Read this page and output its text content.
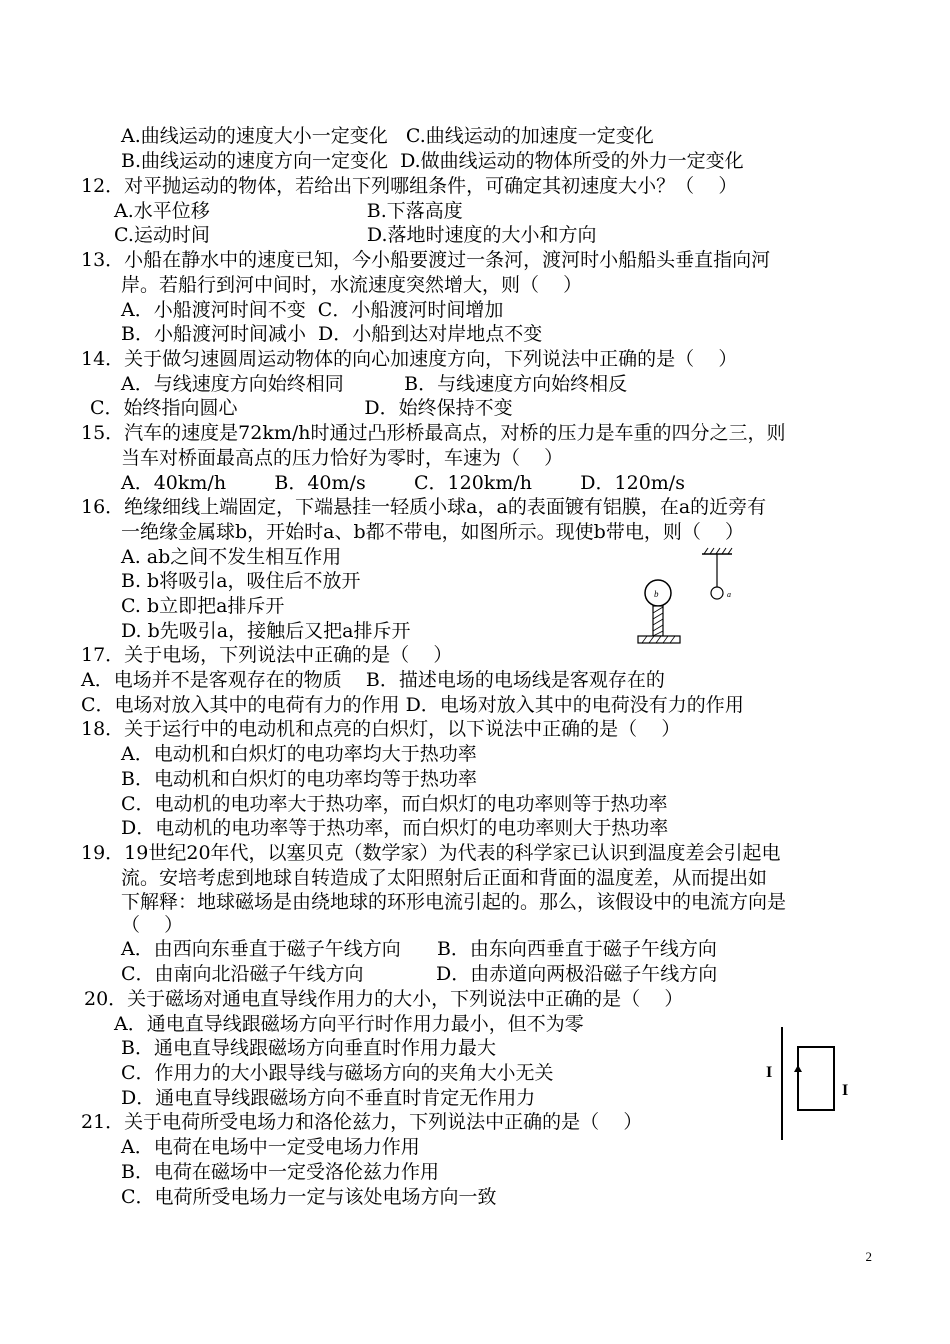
A.曲线运动的速度大小一定变化   C.曲线运动的加速度一定变化
B.曲线运动的速度方向一定变化  D.做曲线运动的物体所受的外力一定变化
12．对平抛运动的物体，若给出下列哪组条件，可确定其初速度大小？（    ）
A.水平位移                          B.下落高度
C.运动时间                          D.落地时速度的大小和方向
13．小船在静水中的速度已知，今小船要渡过一条河，渡河时小船船头垂直指向河
岸。若船行到河中间时，水流速度突然增大，则（    ）
A．小船渡河时间不变  C．小船渡河时间增加
B．小船渡河时间减小  D．小船到达对岸地点不变
14．关于做匀速圆周运动物体的向心加速度方向，下列说法中正确的是（    ）
A．与线速度方向始终相同          B．与线速度方向始终相反
C．始终指向圆心                     D．始终保持不变
15．汽车的速度是72km/h时通过凸形桥最高点，对桥的压力是车重的四分之三，则
当车对桥面最高点的压力恰好为零时，车速为（    ）
A．40km/h        B．40m/s        C．120km/h        D．120m/s
16．绝缘细线上端固定，下端悬挂一轻质小球a，a的表面镀有铝膜，在a的近旁有
一绝缘金属球b，开始时a、b都不带电，如图所示。现使b带电，则（    ）
A. ab之间不发生相互作用
B. b将吸引a，吸住后不放开
C. b立即把a排斥开
D. b先吸引a，接触后又把a排斥开
17．关于电场，下列说法中正确的是（    ）
A．电场并不是客观存在的物质    B．描述电场的电场线是客观存在的
C．电场对放入其中的电荷有力的作用 D．电场对放入其中的电荷没有力的作用
18．关于运行中的电动机和点亮的白炽灯，以下说法中正确的是（    ）
A．电动机和白炽灯的电功率均大于热功率
B．电动机和白炽灯的电功率均等于热功率
C．电动机的电功率大于热功率，而白炽灯的电功率则等于热功率
D．电动机的电功率等于热功率，而白炽灯的电功率则大于热功率
19．19世纪20年代，以塞贝克（数学家）为代表的科学家已认识到温度差会引起电
流。安培考虑到地球自转造成了太阳照射后正面和背面的温度差，从而提出如
下解释：地球磁场是由绕地球的环形电流引起的。那么，该假设中的电流方向是
（    ）
A．由西向东垂直于磁子午线方向      B．由东向西垂直于磁子午线方向
C．由南向北沿磁子午线方向            D．由赤道向两极沿磁子午线方向
20．关于磁场对通电直导线作用力的大小，下列说法中正确的是（    ）
A．通电直导线跟磁场方向平行时作用力最小，但不为零
B．通电直导线跟磁场方向垂直时作用力最大
C．作用力的大小跟导线与磁场方向的夹角大小无关
D．通电直导线跟磁场方向不垂直时肯定无作用力
21．关于电荷所受电场力和洛伦兹力，下列说法中正确的是（    ）
A．电荷在电场中一定受电场力作用
B．电荷在磁场中一定受洛伦兹力作用
C．电荷所受电场力一定与该处电场方向一致
a
b
I
I
2
